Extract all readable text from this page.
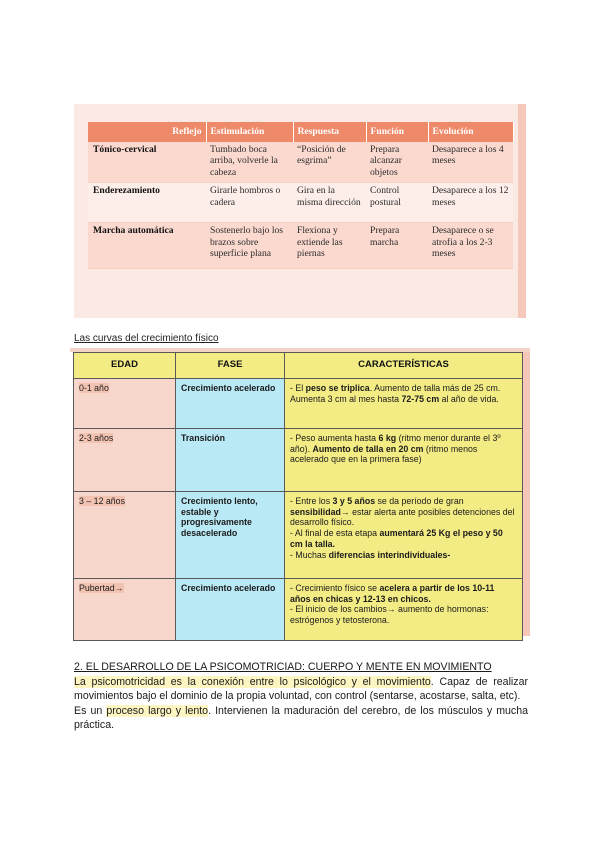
Reflejo	Estimulación	Respuesta	Función	Evolución
Tónico-cervical	Tumbado boca arriba, volverle la cabeza	“Posición de esgrima”	Prepara alcanzar objetos	Desaparece a los 4 meses
Enderezamiento	Girarle hombros o cadera	Gira en la misma dirección	Control postural	Desaparece a los 12 meses
Marcha automática	Sostenerlo bajo los brazos sobre superficie plana	Flexiona y extiende las piernas	Prepara marcha	Desaparece o se atrofia a los 2-3 meses
Las curvas del crecimiento físico
EDAD	FASE	CARACTERÍSTICAS
0-1 año	Crecimiento acelerado	- El peso se triplica. Aumento de talla más de 25 cm. Aumenta 3 cm al mes hasta 72-75 cm al año de vida.
2-3 años	Transición	- Peso aumenta hasta 6 kg (ritmo menor durante el 3º año). Aumento de talla en 20 cm (ritmo menos acelerado que en la primera fase)
3 – 12 años	Crecimiento lento, estable y progresivamente desacelerado	- Entre los 3 y 5 años se da período de gran sensibilidad→ estar alerta ante posibles detenciones del desarrollo físico.
- Al final de esta etapa aumentará 25 Kg el peso y 50 cm la talla.
- Muchas diferencias interindividuales-
Pubertad→	Crecimiento acelerado	- Crecimiento físico se acelera a partir de los 10-11 años en chicas y 12-13 en chicos.
- El inicio de los cambios→ aumento de hormonas: estrógenos y tetosterona.

2. EL DESARROLLO DE LA PSICOMOTRICIAD: CUERPO Y MENTE EN MOVIMIENTO

La psicomotricidad es la conexión entre lo psicológico y el movimiento. Capaz de realizar movimientos bajo el dominio de la propia voluntad, con control (sentarse, acostarse, salta, etc).

Es un proceso largo y lento. Intervienen la maduración del cerebro, de los músculos y mucha práctica.
